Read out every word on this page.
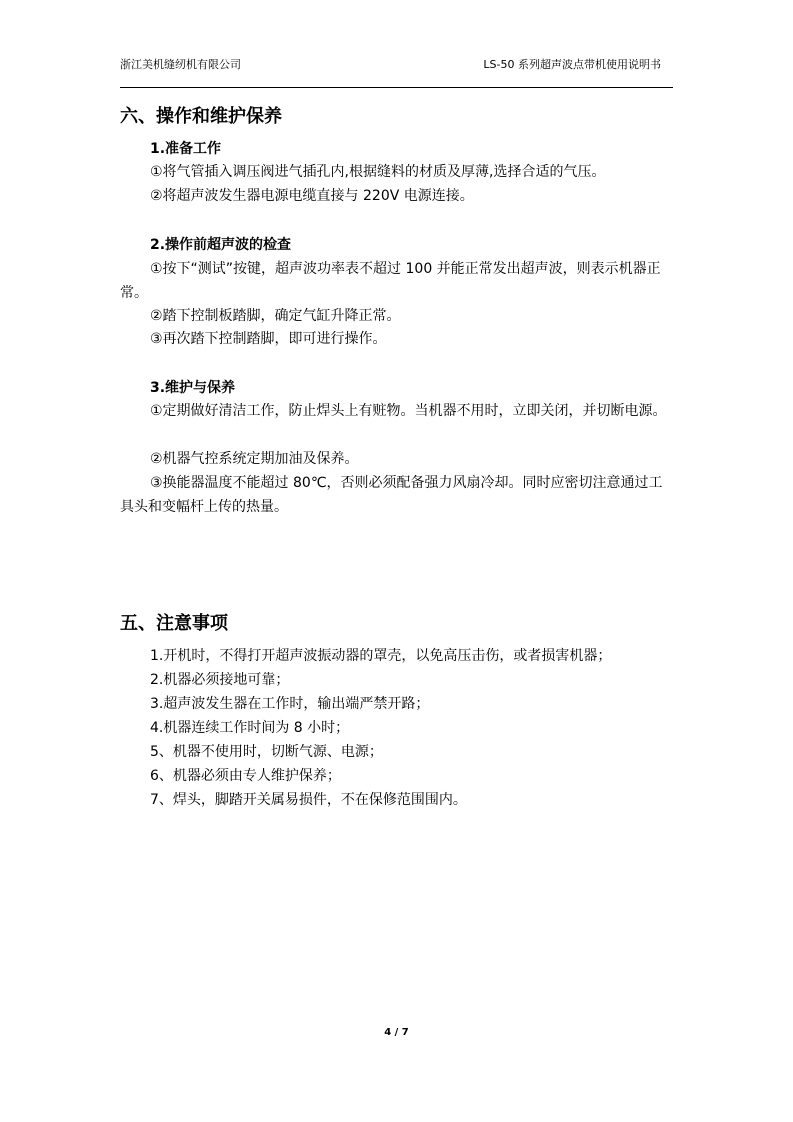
浙江美机缝纫机有限公司	LS-50 系列超声波点带机使用说明书
六、操作和维护保养
1.准备工作
①将气管插入调压阀进气插孔内,根据缝料的材质及厚薄,选择合适的气压。
②将超声波发生器电源电缆直接与 220V 电源连接。
2.操作前超声波的检查
①按下“测试”按键，超声波功率表不超过 100 并能正常发出超声波，则表示机器正常。
②踏下控制板踏脚，确定气缸升降正常。
③再次踏下控制踏脚，即可进行操作。
3.维护与保养
①定期做好清洁工作，防止焊头上有赃物。当机器不用时，立即关闭，并切断电源。
②机器气控系统定期加油及保养。
③换能器温度不能超过 80℃，否则必须配备强力风扇冷却。同时应密切注意通过工具头和变幅杆上传的热量。
五、注意事项
1.开机时，不得打开超声波振动器的罩壳，以免高压击伤，或者损害机器；
2.机器必须接地可靠；
3.超声波发生器在工作时，输出端严禁开路；
4.机器连续工作时间为 8 小时；
5、机器不使用时，切断气源、电源；
6、机器必须由专人维护保养；
7、焊头，脚踏开关属易损件，不在保修范围围内。
4 / 7
